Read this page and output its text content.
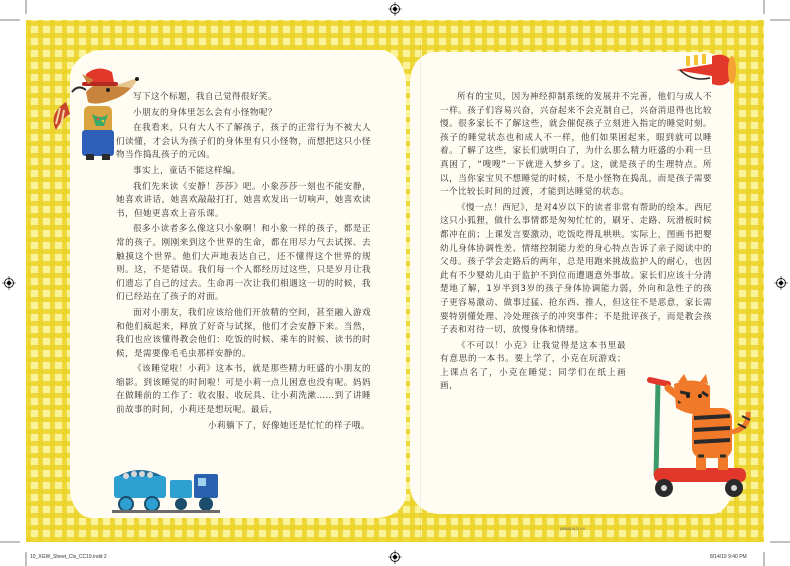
写下这个标题，我自己觉得很好笑。

小朋友的身体里怎么会有小怪物呢？

在我看来，只有大人不了解孩子，孩子的正常行为不被大人们读懂，才会认为孩子们的身体里有只小怪物，而想把这只小怪物当作捣乱孩子的元凶。

事实上，童话不能这样编。

我们先来读《安静！莎莎》吧。小象莎莎一刻也不能安静，她喜欢讲话，她喜欢敲敲打打，她喜欢发出一切响声，她喜欢读书，但她更喜欢上音乐课。

很多小读者多么像这只小象啊！和小象一样的孩子，都是正常的孩子。刚刚来到这个世界的生命，都在用尽力气去试探、去触摸这个世界。他们大声地表达自己，还不懂得这个世界的规则。这，不是错误。我们每一个人都经历过这些，只是岁月让我们遗忘了自己的过去。生命再一次让我们相遇这一切的时候，我们已经站在了孩子的对面。

面对小朋友，我们应该给他们开放精的空间，甚至融入游戏和他们疯起来，释放了好奇与试探，他们才会安静下来。当然，我们也应该懂得教会他们：吃饭的时候、乘车的时候、读书的时候，是需要像毛毛虫那样安静的。

《该睡觉啦！小莉》这本书，就是那些精力旺盛的小朋友的缩影。到该睡觉的时间啦！可是小莉一点儿困意也没有呢。妈妈在做睡前的工作了：收衣服、收玩具、让小莉洗漱……到了讲睡前故事的时间，小莉还是想玩呢。最后，

小莉躺下了，好像她还是忙忙的样子哦。

所有的宝贝，因为神经抑制系统的发展并不完善，他们与成人不一样。孩子们容易兴奋，兴奋起来不会克制自己，兴奋消退得也比较慢。很多家长不了解这些，就会催促孩子立刻进入指定的睡觉时刻。孩子的睡觉状态也和成人不一样，他们如果困起来，眼到就可以睡着。了解了这些，家长们就明白了，为什么那么精力旺盛的小莉一旦真困了，“嗖嗖”一下就进入梦乡了。这，就是孩子的生理特点。所以，当你家宝贝不想睡觉的时候，不是小怪物在捣乱，而是孩子需要一个比较长时间的过渡，才能到达睡觉的状态。

《慢一点！西尼》，是对4岁以下的读者非常有帮助的绘本。西尼这只小狐狸，做什么事情都是匆匆忙忙的，刷牙、走路、玩滑板时候都冲在前；上课发言要激动，吃饭吃得乱哄哄。实际上，图画书把婴幼儿身体协调性差、情绪控制能力差的身心特点告诉了亲子阅读中的父母。孩子学会走路后的两年，总是用跑来挑战监护人的耐心，也因此有不少婴幼儿由于监护不到位而遭遇意外事故。家长们应该十分清楚地了解，1岁半到3岁的孩子身体协调能力弱，外向和急性子的孩子更容易激动、做事过猛、抢东西、推人，但这往不是恶意，家长需要特别懂处理、冷处理孩子的冲突事件；不是批评孩子，而是教会孩子表和对待一切，放慢身体和情绪。

《不可以！小克》让我觉得是这本书里最有意思的一本书。要上学了，小克在玩游戏；上课点名了，小克在睡觉；同学们在纸上画画，

(88888-8(2) 9.9
10_XGW_Sheet_Cls_CC19.indd 2	8/14/19 9:40 PM
